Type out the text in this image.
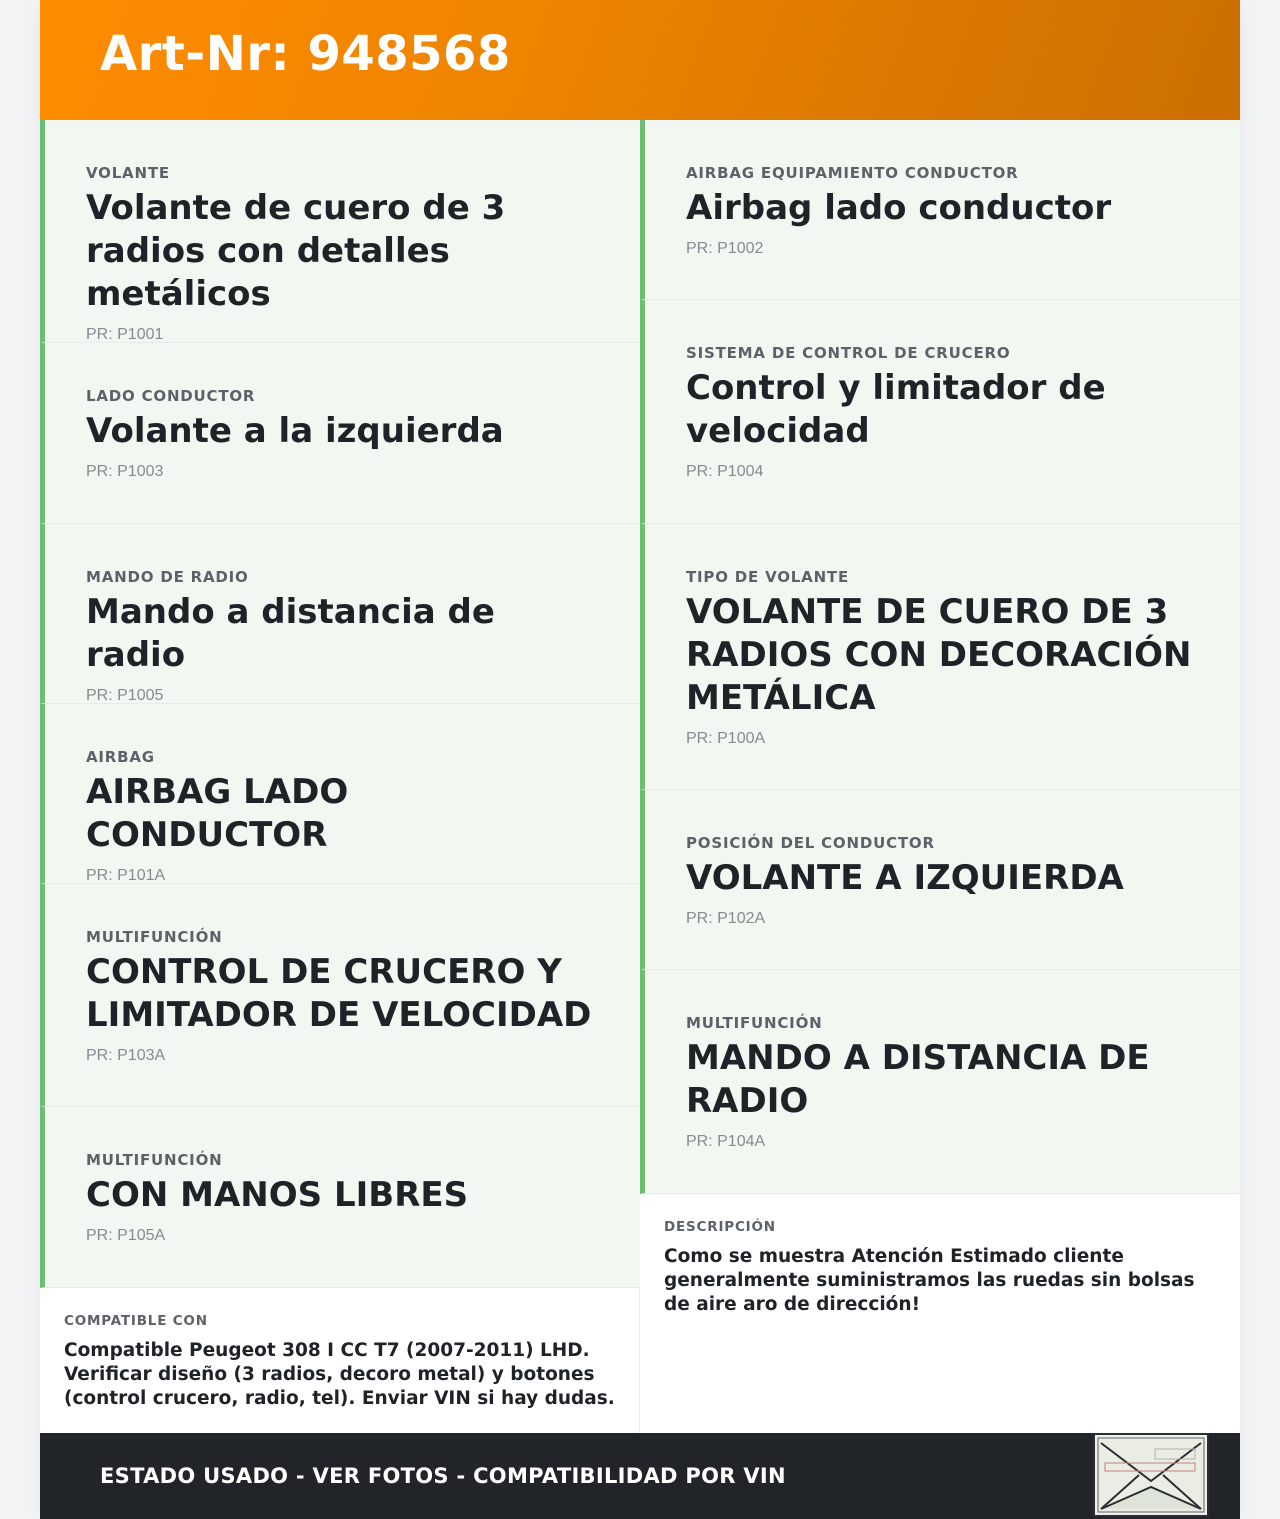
Art-Nr: 948568
VOLANTE
Volante de cuero de 3 radios con detalles metálicos
PR: P1001
LADO CONDUCTOR
Volante a la izquierda
PR: P1003
MANDO DE RADIO
Mando a distancia de radio
PR: P1005
AIRBAG
AIRBAG LADO CONDUCTOR
PR: P101A
MULTIFUNCIÓN
CONTROL DE CRUCERO Y LIMITADOR DE VELOCIDAD
PR: P103A
MULTIFUNCIÓN
CON MANOS LIBRES
PR: P105A
AIRBAG EQUIPAMIENTO CONDUCTOR
Airbag lado conductor
PR: P1002
SISTEMA DE CONTROL DE CRUCERO
Control y limitador de velocidad
PR: P1004
TIPO DE VOLANTE
VOLANTE DE CUERO DE 3 RADIOS CON DECORACIÓN METÁLICA
PR: P100A
POSICIÓN DEL CONDUCTOR
VOLANTE A IZQUIERDA
PR: P102A
MULTIFUNCIÓN
MANDO A DISTANCIA DE RADIO
PR: P104A
COMPATIBLE CON
Compatible Peugeot 308 I CC T7 (2007-2011) LHD. Verificar diseño (3 radios, decoro metal) y botones (control crucero, radio, tel). Enviar VIN si hay dudas.
DESCRIPCIÓN
Como se muestra Atención Estimado cliente generalmente suministramos las ruedas sin bolsas de aire aro de dirección!
ESTADO USADO - VER FOTOS - COMPATIBILIDAD POR VIN
